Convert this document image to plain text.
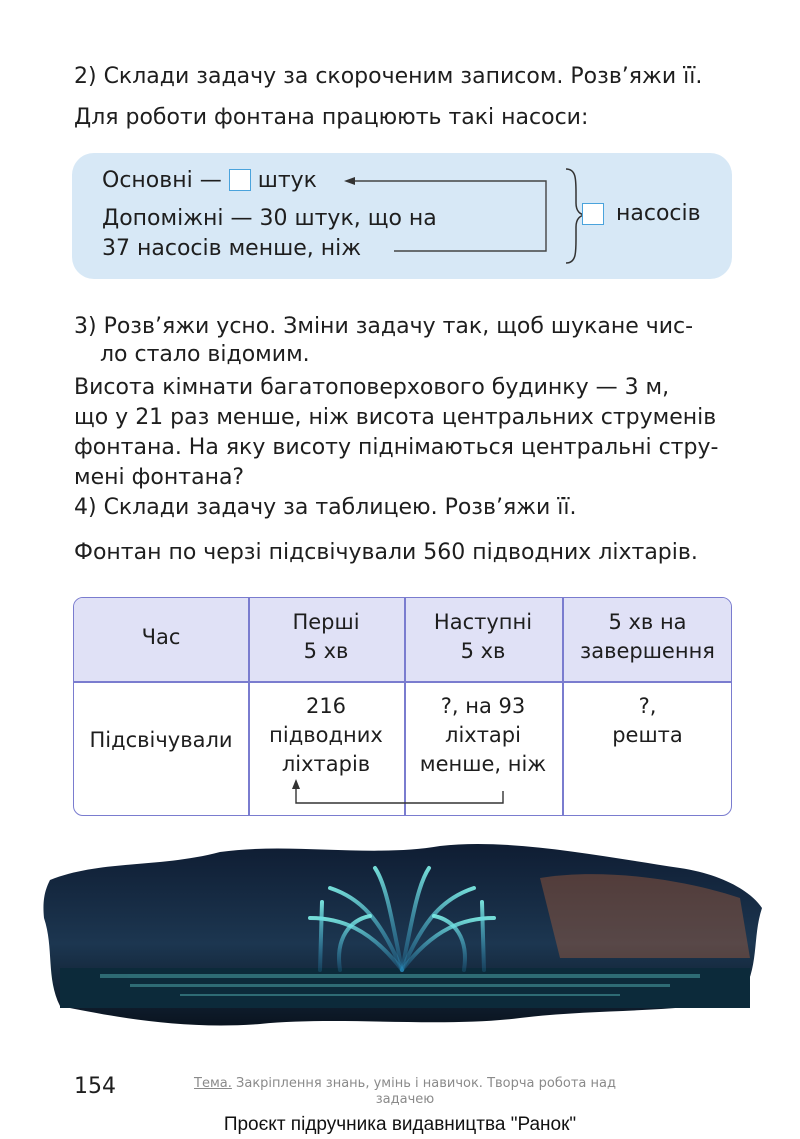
2) Склади задачу за скороченим записом. Розв’яжи її.
Для роботи фонтана працюють такі насоси:
Основні — штук
Допоміжні — 30 штук, що на
37 насосів менше, ніж
насосів
3) Розв’яжи усно. Зміни задачу так, щоб шукане чис-
ло стало відомим.
Висота кімнати багатоповерхового будинку — 3 м,
що у 21 раз менше, ніж висота центральних струменів
фонтана. На яку висоту піднімаються центральні стру-
мені фонтана?
4) Склади задачу за таблицею. Розв’яжи її.
Фонтан по черзі підсвічували 560 підводних ліхтарів.
Час
Перші
5 хв
Наступні
5 хв
5 хв на
завершення
Підсвічували
216
підводних
ліхтарів
?, на 93
ліхтарі
менше, ніж
?,
решта
154	Тема. Закріплення знань, умінь і навичок. Творча робота над
задачею
Проєкт підручника видавництва "Ранок"
